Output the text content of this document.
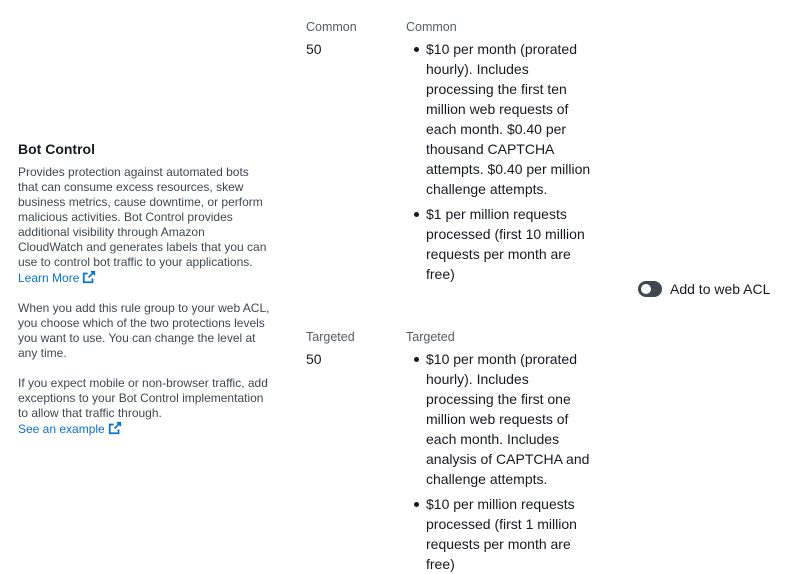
Bot Control

Provides protection against automated bots that can consume excess resources, skew business metrics, cause downtime, or perform malicious activities. Bot Control provides additional visibility through Amazon CloudWatch and generates labels that you can use to control bot traffic to your applications.  Learn More

When you add this rule group to your web ACL, you choose which of the two protections levels you want to use. You can change the level at any time.

If you expect mobile or non-browser traffic, add exceptions to your Bot Control implementation to allow that traffic through.
See an example

Common
50
Common
$10 per month (prorated hourly). Includes processing the first ten million web requests of each month. $0.40 per thousand CAPTCHA attempts. $0.40 per million challenge attempts.
$1 per million requests processed (first 10 million requests per month are free)
Targeted
50
Targeted
$10 per month (prorated hourly). Includes processing the first one million web requests of each month. Includes analysis of CAPTCHA and challenge attempts.
$10 per million requests processed (first 1 million requests per month are free)
Add to web ACL
